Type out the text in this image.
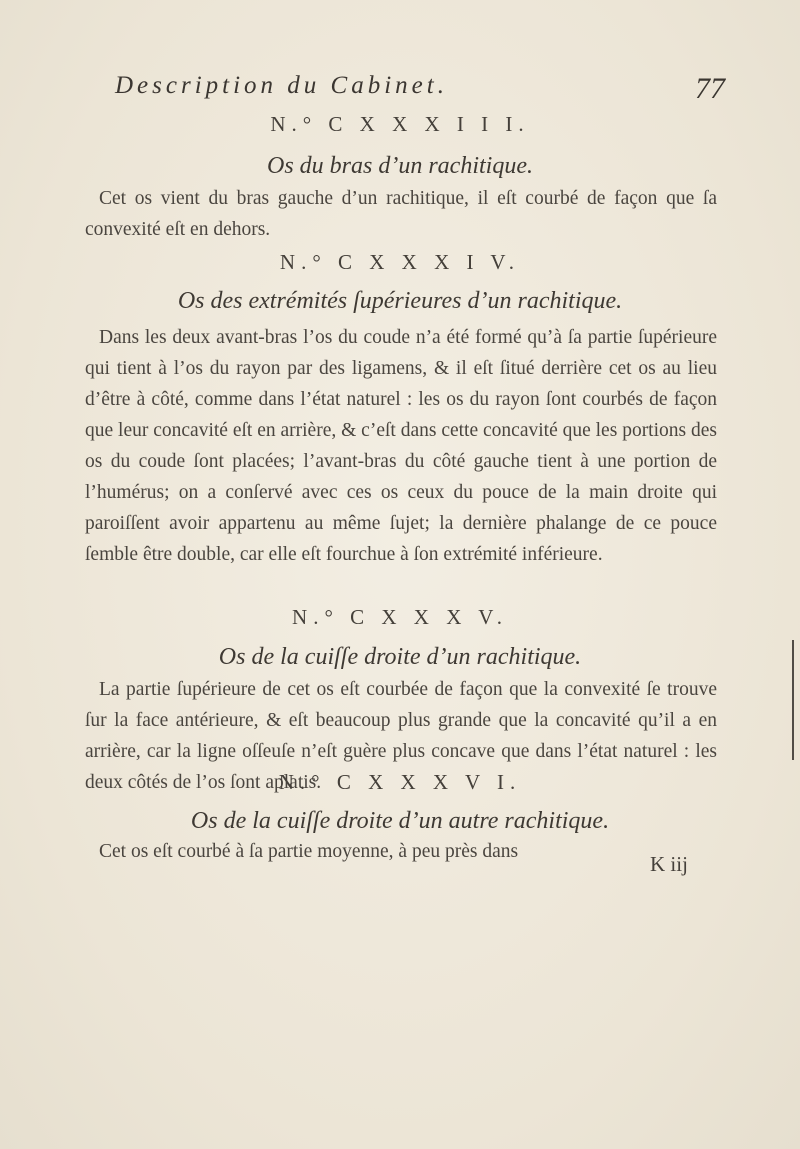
Description du Cabinet.	77
N.° C X X X I I I.
Os du bras d’un rachitique.
Cet os vient du bras gauche d’un rachitique, il eſt courbé de façon que ſa convexité eſt en dehors.
N.° C X X X I V.
Os des extrémités ſupérieures d’un rachitique.
Dans les deux avant-bras l’os du coude n’a été formé qu’à ſa partie ſupérieure qui tient à l’os du rayon par des ligamens, & il eſt ſitué derrière cet os au lieu d’être à côté, comme dans l’état naturel : les os du rayon ſont courbés de façon que leur concavité eſt en arrière, & c’eſt dans cette concavité que les portions des os du coude ſont placées; l’avant-bras du côté gauche tient à une portion de l’humérus; on a conſervé avec ces os ceux du pouce de la main droite qui paroiſſent avoir appartenu au même ſujet; la dernière phalange de ce pouce ſemble être double, car elle eſt fourchue à ſon extrémité inférieure.
N.° C X X X V.
Os de la cuiſſe droite d’un rachitique.
La partie ſupérieure de cet os eſt courbée de façon que la convexité ſe trouve ſur la face antérieure, & eſt beaucoup plus grande que la concavité qu’il a en arrière, car la ligne oſſeuſe n’eſt guère plus concave que dans l’état naturel : les deux côtés de l’os ſont aplatis.
N.° C X X X V I.
Os de la cuiſſe droite d’un autre rachitique.
Cet os eſt courbé à ſa partie moyenne, à peu près dans
K iij
